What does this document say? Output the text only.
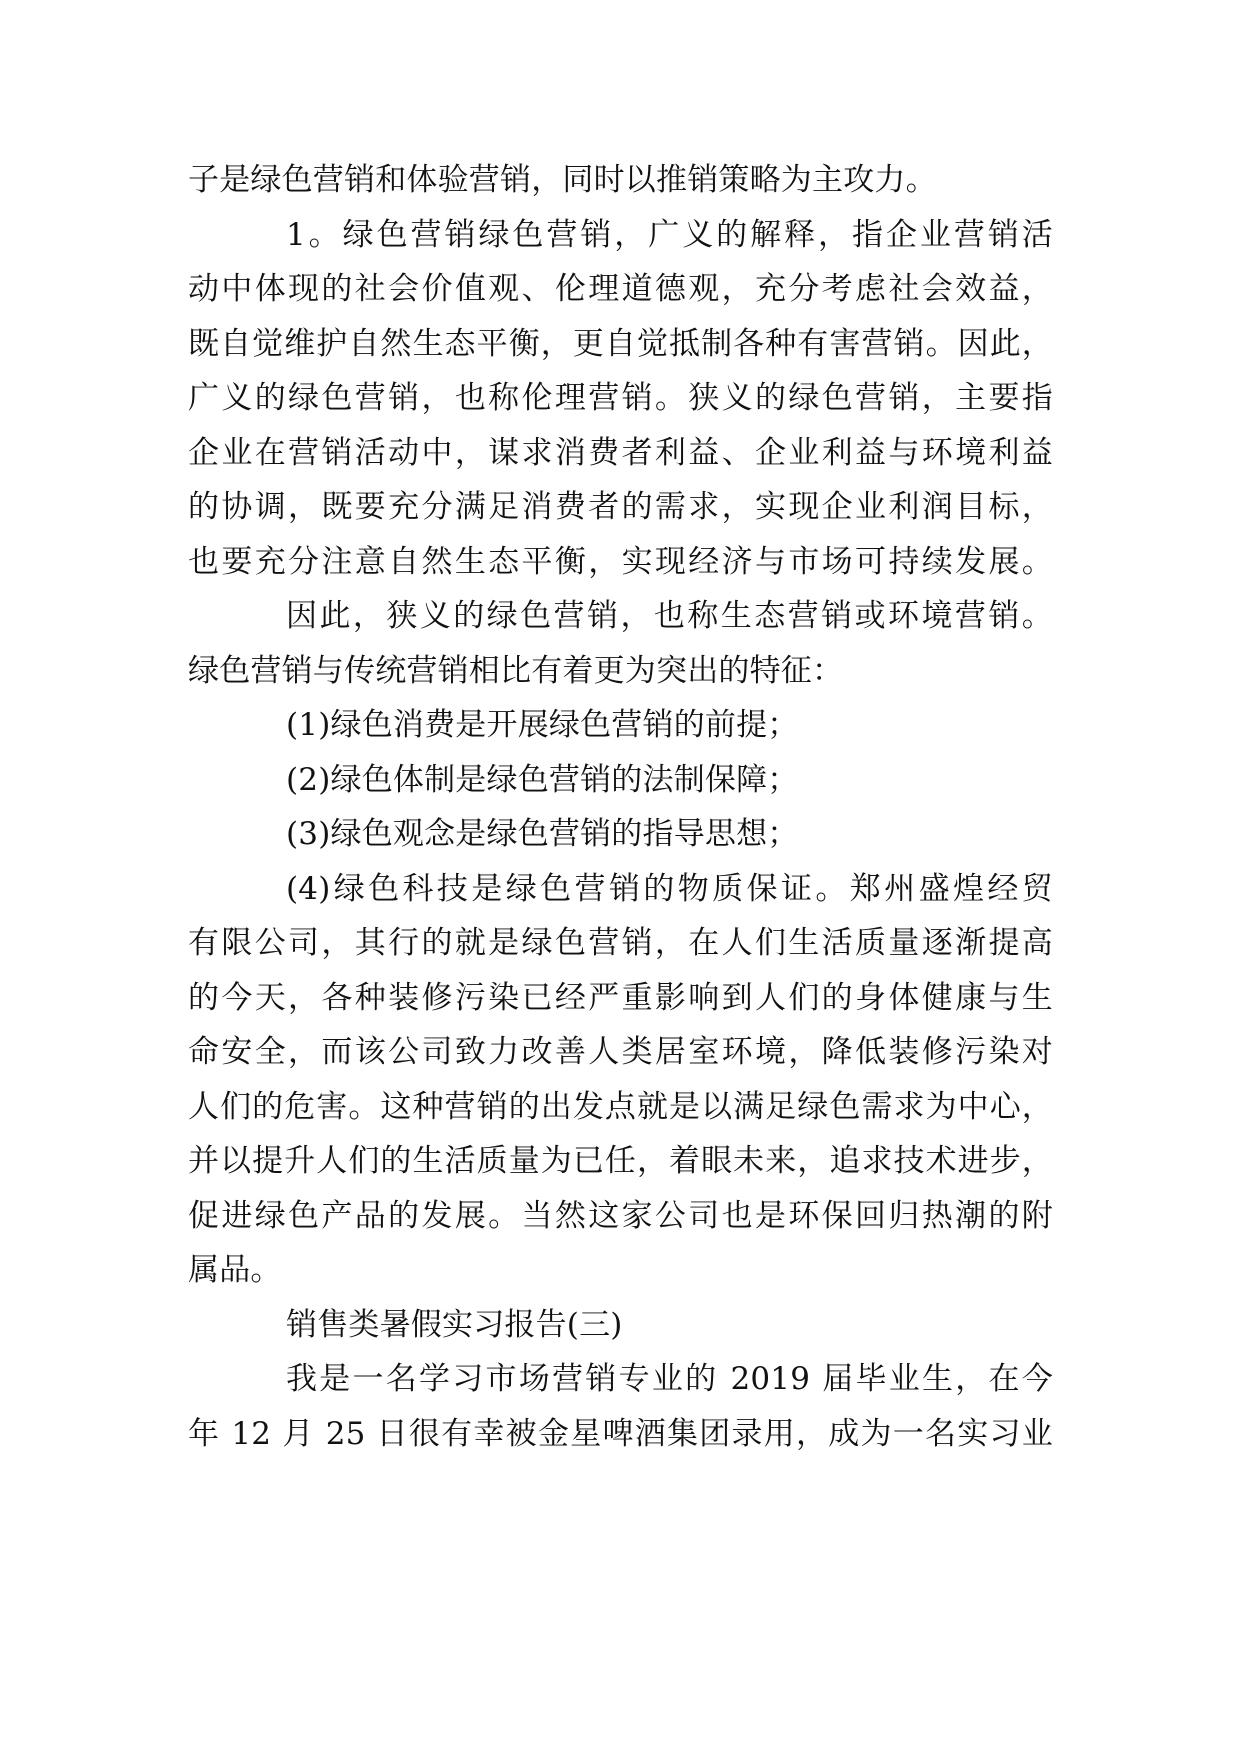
子是绿色营销和体验营销，同时以推销策略为主攻力。
1。绿色营销绿色营销，广义的解释，指企业营销活
动中体现的社会价值观、伦理道德观，充分考虑社会效益，
既自觉维护自然生态平衡，更自觉抵制各种有害营销。因此，
广义的绿色营销，也称伦理营销。狭义的绿色营销，主要指
企业在营销活动中，谋求消费者利益、企业利益与环境利益
的协调，既要充分满足消费者的需求，实现企业利润目标，
也要充分注意自然生态平衡，实现经济与市场可持续发展。
因此，狭义的绿色营销，也称生态营销或环境营销。
绿色营销与传统营销相比有着更为突出的特征：
(1)绿色消费是开展绿色营销的前提；
(2)绿色体制是绿色营销的法制保障；
(3)绿色观念是绿色营销的指导思想；
(4)绿色科技是绿色营销的物质保证。郑州盛煌经贸
有限公司，其行的就是绿色营销，在人们生活质量逐渐提高
的今天，各种装修污染已经严重影响到人们的身体健康与生
命安全，而该公司致力改善人类居室环境，降低装修污染对
人们的危害。这种营销的出发点就是以满足绿色需求为中心，
并以提升人们的生活质量为已任，着眼未来，追求技术进步，
促进绿色产品的发展。当然这家公司也是环保回归热潮的附
属品。
销售类暑假实习报告(三)
我是一名学习市场营销专业的 2019 届毕业生，在今
年 12 月 25 日很有幸被金星啤酒集团录用，成为一名实习业
